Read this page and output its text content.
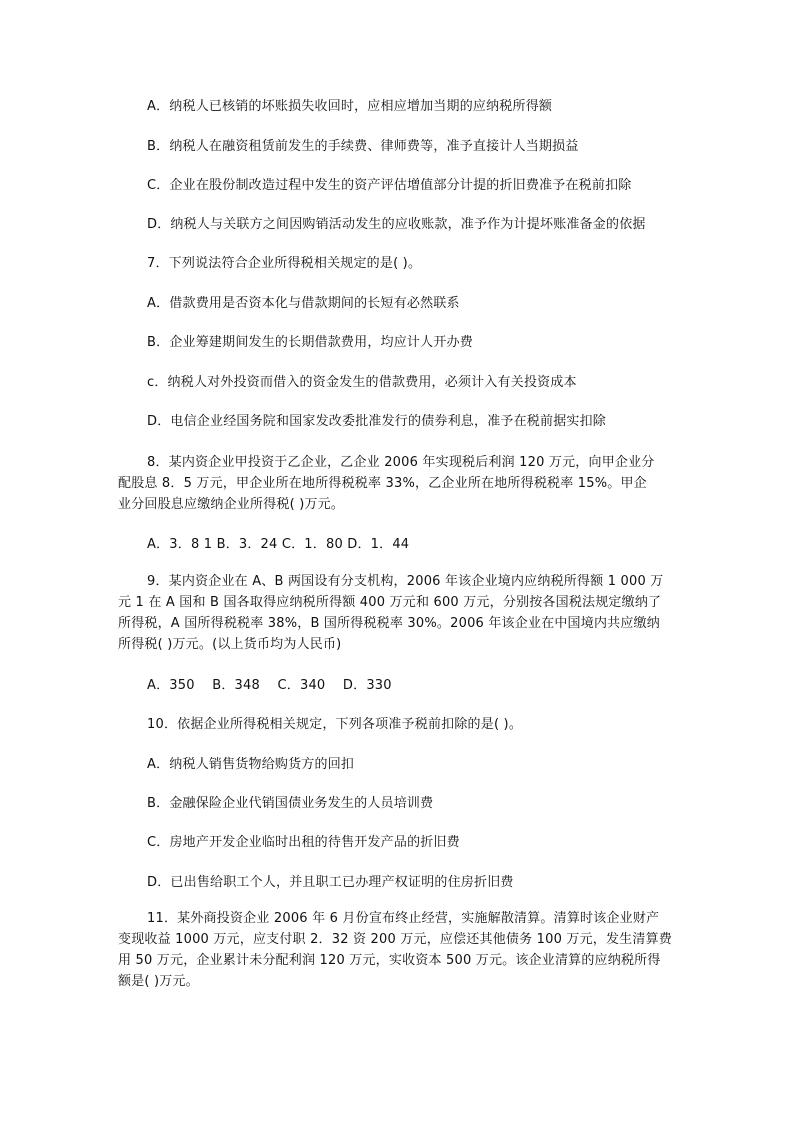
A．纳税人已核销的坏账损失收回时，应相应增加当期的应纳税所得额
B．纳税人在融资租赁前发生的手续费、律师费等，准予直接计人当期损益
C．企业在股份制改造过程中发生的资产评估增值部分计提的折旧费准予在税前扣除
D．纳税人与关联方之间因购销活动发生的应收账款，准予作为计提坏账准备金的依据
7．下列说法符合企业所得税相关规定的是( )。
A．借款费用是否资本化与借款期间的长短有必然联系
B．企业筹建期间发生的长期借款费用，均应计人开办费
c．纳税人对外投资而借入的资金发生的借款费用，必须计入有关投资成本
D．电信企业经国务院和国家发改委批准发行的债券利息，准予在税前据实扣除

8．某内资企业甲投资于乙企业，乙企业 2006 年实现税后利润 120 万元，向甲企业分

配股息 8．5 万元，甲企业所在地所得税税率 33%，乙企业所在地所得税税率 15%。甲企

业分回股息应缴纳企业所得税( )万元。

A．3．8 1 B．3．24 C．1．80 D．1．44

9．某内资企业在 A、B 两国设有分支机构，2006 年该企业境内应纳税所得额 1 000 万

元 1 在 A 国和 B 国各取得应纳税所得额 400 万元和 600 万元，分别按各国税法规定缴纳了

所得税，A 国所得税税率 38%，B 国所得税税率 30%。2006 年该企业在中国境内共应缴纳

所得税( )万元。(以上货币均为人民币)

A．350　 B．348　 C．340　 D．330
10．依据企业所得税相关规定，下列各项准予税前扣除的是( )。
A．纳税人销售货物给购货方的回扣
B．金融保险企业代销国债业务发生的人员培训费
C．房地产开发企业临时出租的待售开发产品的折旧费
D．已出售给职工个人，并且职工已办理产权证明的住房折旧费

11．某外商投资企业 2006 年 6 月份宣布终止经营，实施解散清算。清算时该企业财产

变现收益 1000 万元，应支付职 2．32 资 200 万元，应偿还其他债务 100 万元，发生清算费

用 50 万元，企业累计未分配利润 120 万元，实收资本 500 万元。该企业清算的应纳税所得

额是( )万元。
